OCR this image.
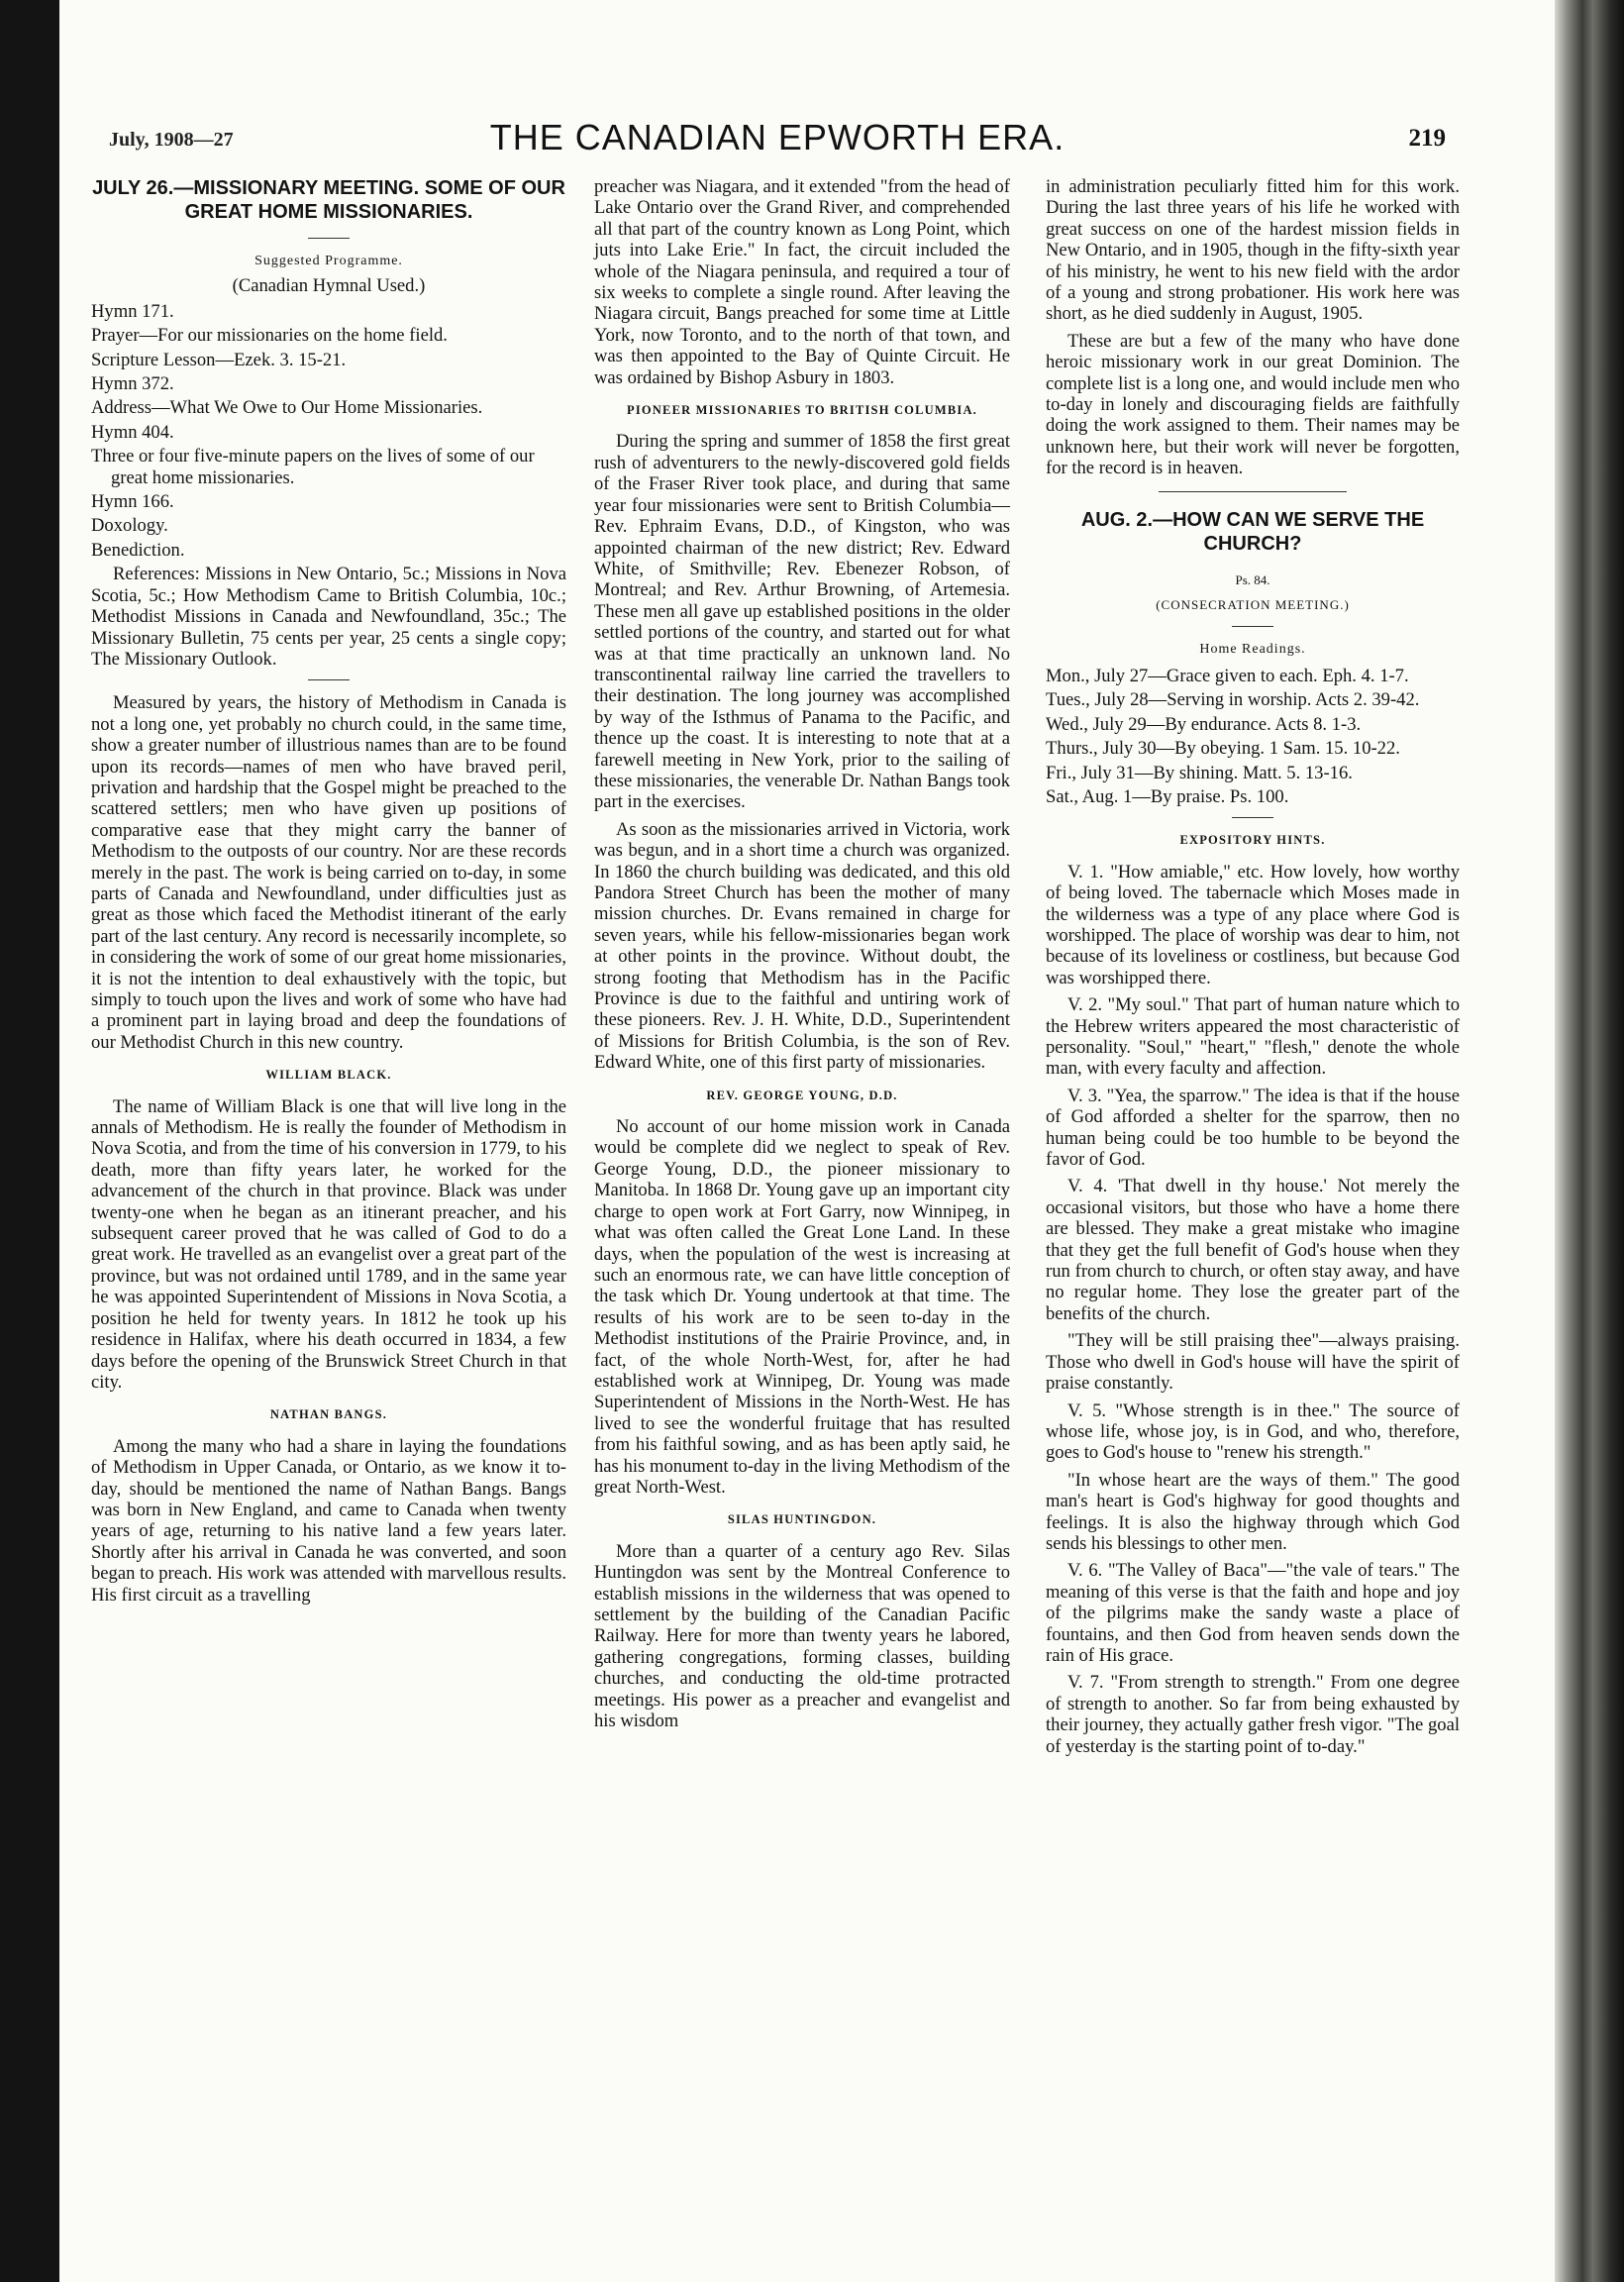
July, 1908—27	THE CANADIAN EPWORTH ERA.	219
JULY 26.—MISSIONARY MEETING. SOME OF OUR GREAT HOME MISSIONARIES.
Suggested Programme.
(Canadian Hymnal Used.)
Hymn 171.
Prayer—For our missionaries on the home field.
Scripture Lesson—Ezek. 3. 15-21.
Hymn 372.
Address—What We Owe to Our Home Missionaries.
Hymn 404.
Three or four five-minute papers on the lives of some of our great home missionaries.
Hymn 166.
Doxology.
Benediction.

References: Missions in New Ontario, 5c.; Missions in Nova Scotia, 5c.; How Methodism Came to British Columbia, 10c.; Methodist Missions in Canada and Newfoundland, 35c.; The Missionary Bulletin, 75 cents per year, 25 cents a single copy; The Missionary Outlook.

Measured by years, the history of Methodism in Canada is not a long one, yet probably no church could, in the same time, show a greater number of illustrious names than are to be found upon its records—names of men who have braved peril, privation and hardship that the Gospel might be preached to the scattered settlers; men who have given up positions of comparative ease that they might carry the banner of Methodism to the outposts of our country. Nor are these records merely in the past. The work is being carried on to-day, in some parts of Canada and Newfoundland, under difficulties just as great as those which faced the Methodist itinerant of the early part of the last century. Any record is necessarily incomplete, so in considering the work of some of our great home missionaries, it is not the intention to deal exhaustively with the topic, but simply to touch upon the lives and work of some who have had a prominent part in laying broad and deep the foundations of our Methodist Church in this new country.

WILLIAM BLACK.

The name of William Black is one that will live long in the annals of Methodism. He is really the founder of Methodism in Nova Scotia, and from the time of his conversion in 1779, to his death, more than fifty years later, he worked for the advancement of the church in that province. Black was under twenty-one when he began as an itinerant preacher, and his subsequent career proved that he was called of God to do a great work. He travelled as an evangelist over a great part of the province, but was not ordained until 1789, and in the same year he was appointed Superintendent of Missions in Nova Scotia, a position he held for twenty years. In 1812 he took up his residence in Halifax, where his death occurred in 1834, a few days before the opening of the Brunswick Street Church in that city.

NATHAN BANGS.

Among the many who had a share in laying the foundations of Methodism in Upper Canada, or Ontario, as we know it to-day, should be mentioned the name of Nathan Bangs. Bangs was born in New England, and came to Canada when twenty years of age, returning to his native land a few years later. Shortly after his arrival in Canada he was converted, and soon began to preach. His work was attended with marvellous results. His first circuit as a travelling

preacher was Niagara, and it extended "from the head of Lake Ontario over the Grand River, and comprehended all that part of the country known as Long Point, which juts into Lake Erie." In fact, the circuit included the whole of the Niagara peninsula, and required a tour of six weeks to complete a single round. After leaving the Niagara circuit, Bangs preached for some time at Little York, now Toronto, and to the north of that town, and was then appointed to the Bay of Quinte Circuit. He was ordained by Bishop Asbury in 1803.

PIONEER MISSIONARIES TO BRITISH COLUMBIA.

During the spring and summer of 1858 the first great rush of adventurers to the newly-discovered gold fields of the Fraser River took place, and during that same year four missionaries were sent to British Columbia—Rev. Ephraim Evans, D.D., of Kingston, who was appointed chairman of the new district; Rev. Edward White, of Smithville; Rev. Ebenezer Robson, of Montreal; and Rev. Arthur Browning, of Artemesia. These men all gave up established positions in the older settled portions of the country, and started out for what was at that time practically an unknown land. No transcontinental railway line carried the travellers to their destination. The long journey was accomplished by way of the Isthmus of Panama to the Pacific, and thence up the coast. It is interesting to note that at a farewell meeting in New York, prior to the sailing of these missionaries, the venerable Dr. Nathan Bangs took part in the exercises.

As soon as the missionaries arrived in Victoria, work was begun, and in a short time a church was organized. In 1860 the church building was dedicated, and this old Pandora Street Church has been the mother of many mission churches. Dr. Evans remained in charge for seven years, while his fellow-missionaries began work at other points in the province. Without doubt, the strong footing that Methodism has in the Pacific Province is due to the faithful and untiring work of these pioneers. Rev. J. H. White, D.D., Superintendent of Missions for British Columbia, is the son of Rev. Edward White, one of this first party of missionaries.

REV. GEORGE YOUNG, D.D.

No account of our home mission work in Canada would be complete did we neglect to speak of Rev. George Young, D.D., the pioneer missionary to Manitoba. In 1868 Dr. Young gave up an important city charge to open work at Fort Garry, now Winnipeg, in what was often called the Great Lone Land. In these days, when the population of the west is increasing at such an enormous rate, we can have little conception of the task which Dr. Young undertook at that time. The results of his work are to be seen to-day in the Methodist institutions of the Prairie Province, and, in fact, of the whole North-West, for, after he had established work at Winnipeg, Dr. Young was made Superintendent of Missions in the North-West. He has lived to see the wonderful fruitage that has resulted from his faithful sowing, and as has been aptly said, he has his monument to-day in the living Methodism of the great North-West.

SILAS HUNTINGDON.

More than a quarter of a century ago Rev. Silas Huntingdon was sent by the Montreal Conference to establish missions in the wilderness that was opened to settlement by the building of the Canadian Pacific Railway. Here for more than twenty years he labored, gathering congregations, forming classes, building churches, and conducting the old-time protracted meetings. His power as a preacher and evangelist and his wisdom

in administration peculiarly fitted him for this work. During the last three years of his life he worked with great success on one of the hardest mission fields in New Ontario, and in 1905, though in the fifty-sixth year of his ministry, he went to his new field with the ardor of a young and strong probationer. His work here was short, as he died suddenly in August, 1905.

These are but a few of the many who have done heroic missionary work in our great Dominion. The complete list is a long one, and would include men who to-day in lonely and discouraging fields are faithfully doing the work assigned to them. Their names may be unknown here, but their work will never be forgotten, for the record is in heaven.

AUG. 2.—HOW CAN WE SERVE THE CHURCH?
Ps. 84.
(CONSECRATION MEETING.)
Home Readings.
Mon., July 27—Grace given to each. Eph. 4. 1-7.
Tues., July 28—Serving in worship. Acts 2. 39-42.
Wed., July 29—By endurance. Acts 8. 1-3.
Thurs., July 30—By obeying. 1 Sam. 15. 10-22.
Fri., July 31—By shining. Matt. 5. 13-16.
Sat., Aug. 1—By praise. Ps. 100.
EXPOSITORY HINTS.

V. 1. "How amiable," etc. How lovely, how worthy of being loved. The tabernacle which Moses made in the wilderness was a type of any place where God is worshipped. The place of worship was dear to him, not because of its loveliness or costliness, but because God was worshipped there.

V. 2. "My soul." That part of human nature which to the Hebrew writers appeared the most characteristic of personality. "Soul," "heart," "flesh," denote the whole man, with every faculty and affection.

V. 3. "Yea, the sparrow." The idea is that if the house of God afforded a shelter for the sparrow, then no human being could be too humble to be beyond the favor of God.

V. 4. 'That dwell in thy house.' Not merely the occasional visitors, but those who have a home there are blessed. They make a great mistake who imagine that they get the full benefit of God's house when they run from church to church, or often stay away, and have no regular home. They lose the greater part of the benefits of the church.

"They will be still praising thee"—always praising. Those who dwell in God's house will have the spirit of praise constantly.

V. 5. "Whose strength is in thee." The source of whose life, whose joy, is in God, and who, therefore, goes to God's house to "renew his strength."

"In whose heart are the ways of them." The good man's heart is God's highway for good thoughts and feelings. It is also the highway through which God sends his blessings to other men.

V. 6. "The Valley of Baca"—"the vale of tears." The meaning of this verse is that the faith and hope and joy of the pilgrims make the sandy waste a place of fountains, and then God from heaven sends down the rain of His grace.

V. 7. "From strength to strength." From one degree of strength to another. So far from being exhausted by their journey, they actually gather fresh vigor. "The goal of yesterday is the starting point of to-day."
